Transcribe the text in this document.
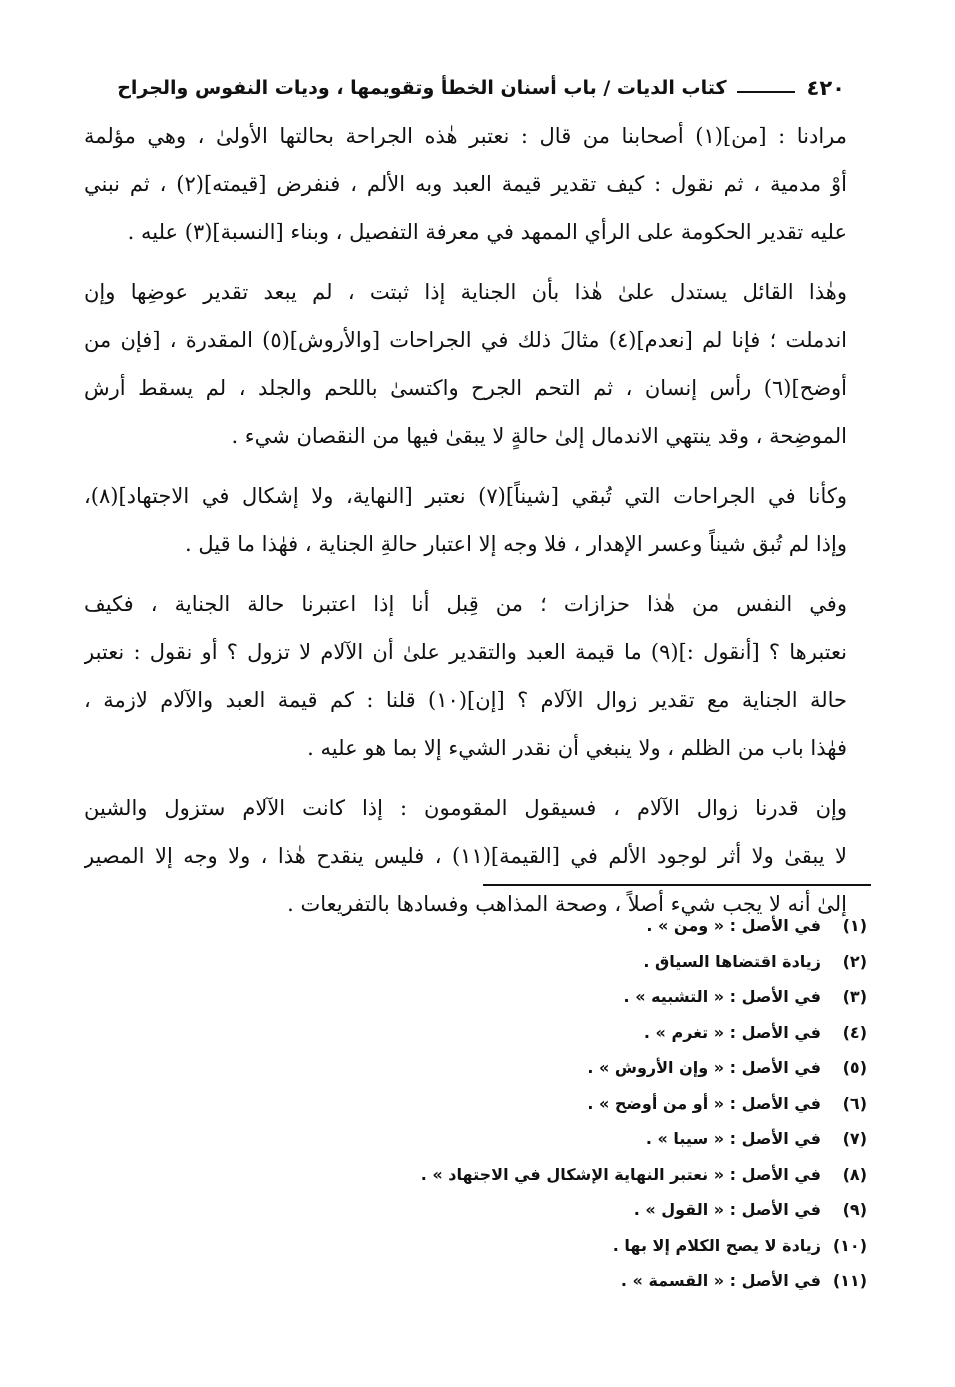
٤٢٠
كتاب الديات / باب أسنان الخطأ وتقويمها ، وديات النفوس والجراح
مرادنا : [من](١) أصحابنا من قال : نعتبر هٰذه الجراحة بحالتها الأولىٰ ، وهي مؤلمة
أوْ مدمية ، ثم نقول : كيف تقدير قيمة العبد وبه الألم ، فنفرض [قيمته](٢) ، ثم نبني
عليه تقدير الحكومة على الرأي الممهد في معرفة التفصيل ، وبناء [النسبة](٣) عليه .
وهٰذا القائل يستدل علىٰ هٰذا بأن الجناية إذا ثبتت ، لم يبعد تقدير عوضِها وإن
اندملت ؛ فإنا لم [نعدم](٤) مثالَ ذلك في الجراحات [والأروش](٥) المقدرة ، [فإن من
أوضح](٦) رأس إنسان ، ثم التحم الجرح واكتسىٰ باللحم والجلد ، لم يسقط أرش
الموضِحة ، وقد ينتهي الاندمال إلىٰ حالةٍ لا يبقىٰ فيها من النقصان شيء .
وكأنا في الجراحات التي تُبقي [شيناً](٧) نعتبر [النهاية، ولا إشكال في الاجتهاد](٨)،
وإذا لم تُبق شيناً وعسر الإهدار ، فلا وجه إلا اعتبار حالةِ الجناية ، فهٰذا ما قيل .
وفي النفس من هٰذا حزازات ؛ من قِبل أنا إذا اعتبرنا حالة الجناية ، فكيف
نعتبرها ؟ [أنقول :](٩) ما قيمة العبد والتقدير علىٰ أن الآلام لا تزول ؟ أو نقول : نعتبر
حالة الجناية مع تقدير زوال الآلام ؟ [إن](١٠) قلنا : كم قيمة العبد والآلام لازمة ،
فهٰذا باب من الظلم ، ولا ينبغي أن نقدر الشيء إلا بما هو عليه .
وإن قدرنا زوال الآلام ، فسيقول المقومون : إذا كانت الآلام ستزول والشين
لا يبقىٰ ولا أثر لوجود الألم في [القيمة](١١) ، فليس ينقدح هٰذا ، ولا وجه إلا المصير
إلىٰ أنه لا يجب شيء أصلاً ، وصحة المذاهب وفسادها بالتفريعات .
(١)
في الأصل : « ومن » .
(٢)
زيادة اقتضاها السياق .
(٣)
في الأصل : « التشبيه » .
(٤)
في الأصل : « تغرم » .
(٥)
في الأصل : « وإن الأروش » .
(٦)
في الأصل : « أو من أوضح » .
(٧)
في الأصل : « سيبا » .
(٨)
في الأصل : « نعتبر النهاية الإشكال في الاجتهاد » .
(٩)
في الأصل : « القول » .
(١٠)
زيادة لا يصح الكلام إلا بها .
(١١)
في الأصل : « القسمة » .
